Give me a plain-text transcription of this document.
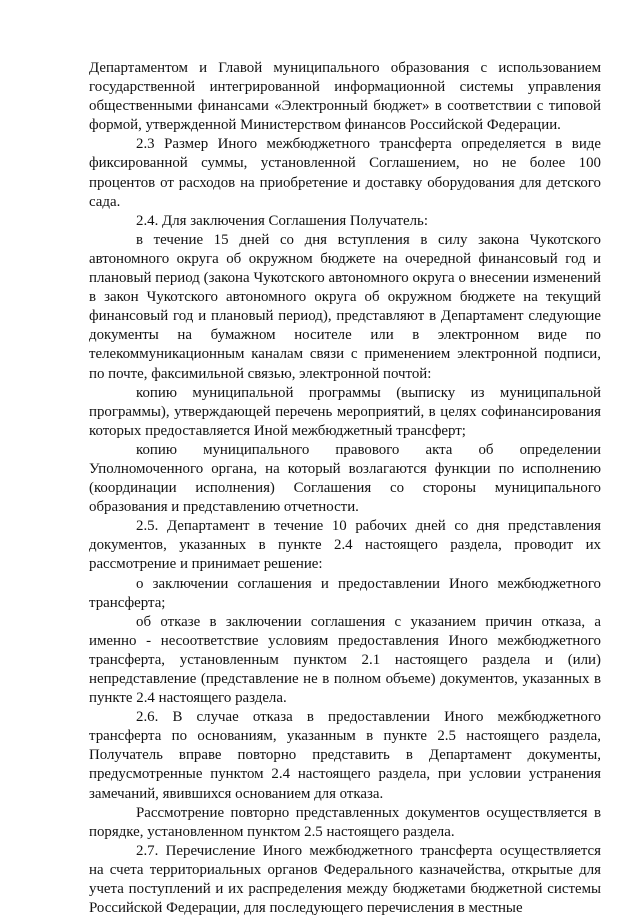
Департаментом и Главой муниципального образования с использованием государственной интегрированной информационной системы управления общественными финансами «Электронный бюджет» в соответствии с типовой формой, утвержденной Министерством финансов Российской Федерации.

2.3 Размер Иного межбюджетного трансферта определяется в виде фиксированной суммы, установленной Соглашением, но не более 100 процентов от расходов на приобретение и доставку оборудования для детского сада.

2.4. Для заключения Соглашения Получатель:

в течение 15 дней со дня вступления в силу закона Чукотского автономного округа об окружном бюджете на очередной финансовый год и плановый период (закона Чукотского автономного округа о внесении изменений в закон Чукотского автономного округа об окружном бюджете на текущий финансовый год и плановый период), представляют в Департамент следующие документы на бумажном носителе или в электронном виде по телекоммуникационным каналам связи с применением электронной подписи, по почте, факсимильной связью, электронной почтой:

копию муниципальной программы (выписку из муниципальной программы), утверждающей перечень мероприятий, в целях софинансирования которых предоставляется Иной межбюджетный трансферт;

копию муниципального правового акта об определении Уполномоченного органа, на который возлагаются функции по исполнению (координации исполнения) Соглашения со стороны муниципального образования и представлению отчетности.

2.5. Департамент в течение 10 рабочих дней со дня представления документов, указанных в пункте 2.4 настоящего раздела, проводит их рассмотрение и принимает решение:

о заключении соглашения и предоставлении Иного межбюджетного трансферта;

об отказе в заключении соглашения с указанием причин отказа, а именно - несоответствие условиям предоставления Иного межбюджетного трансферта, установленным пунктом 2.1 настоящего раздела и (или) непредставление (представление не в полном объеме) документов, указанных в пункте 2.4 настоящего раздела.

2.6. В случае отказа в предоставлении Иного межбюджетного трансферта по основаниям, указанным в пункте 2.5 настоящего раздела, Получатель вправе повторно представить в Департамент документы, предусмотренные пунктом 2.4 настоящего раздела, при условии устранения замечаний, явившихся основанием для отказа.

Рассмотрение повторно представленных документов осуществляется в порядке, установленном пунктом 2.5 настоящего раздела.

2.7. Перечисление Иного межбюджетного трансферта осуществляется на счета территориальных органов Федерального казначейства, открытые для учета поступлений и их распределения между бюджетами бюджетной системы Российской Федерации, для последующего перечисления в местные
